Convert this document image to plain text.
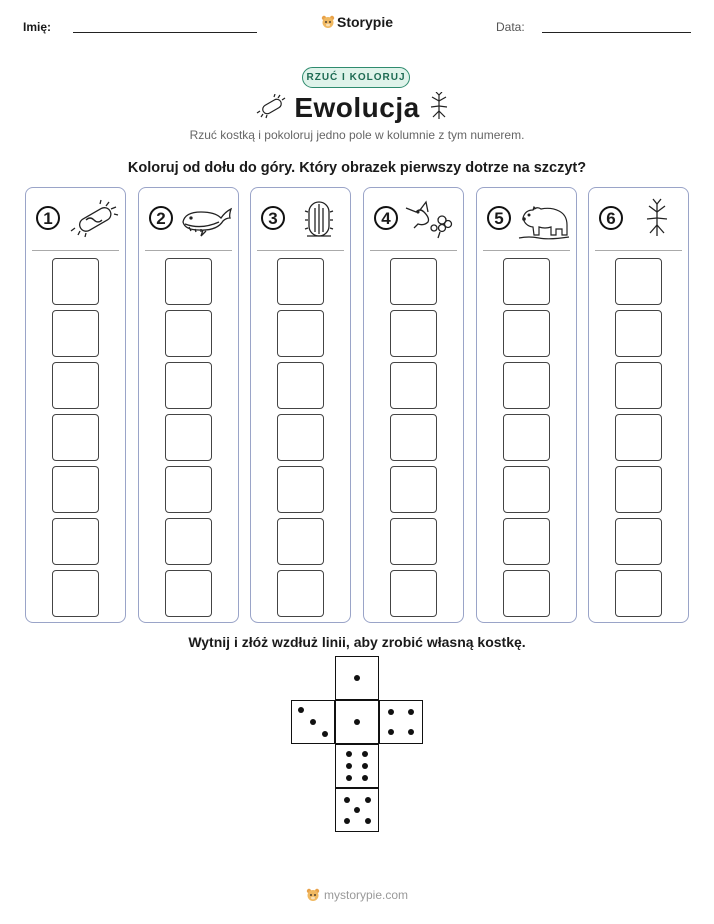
Imię:	Storypie	Data:
RZUĆ I KOLORUJ
Ewolucja
Rzuć kostką i pokoloruj jedno pole w kolumnie z tym numerem.
Koloruj od dołu do góry. Który obrazek pierwszy dotrze na szczyt?
1	2	3	4	5	6
Wytnij i złóż wzdłuż linii, aby zrobić własną kostkę.
mystorypie.com
